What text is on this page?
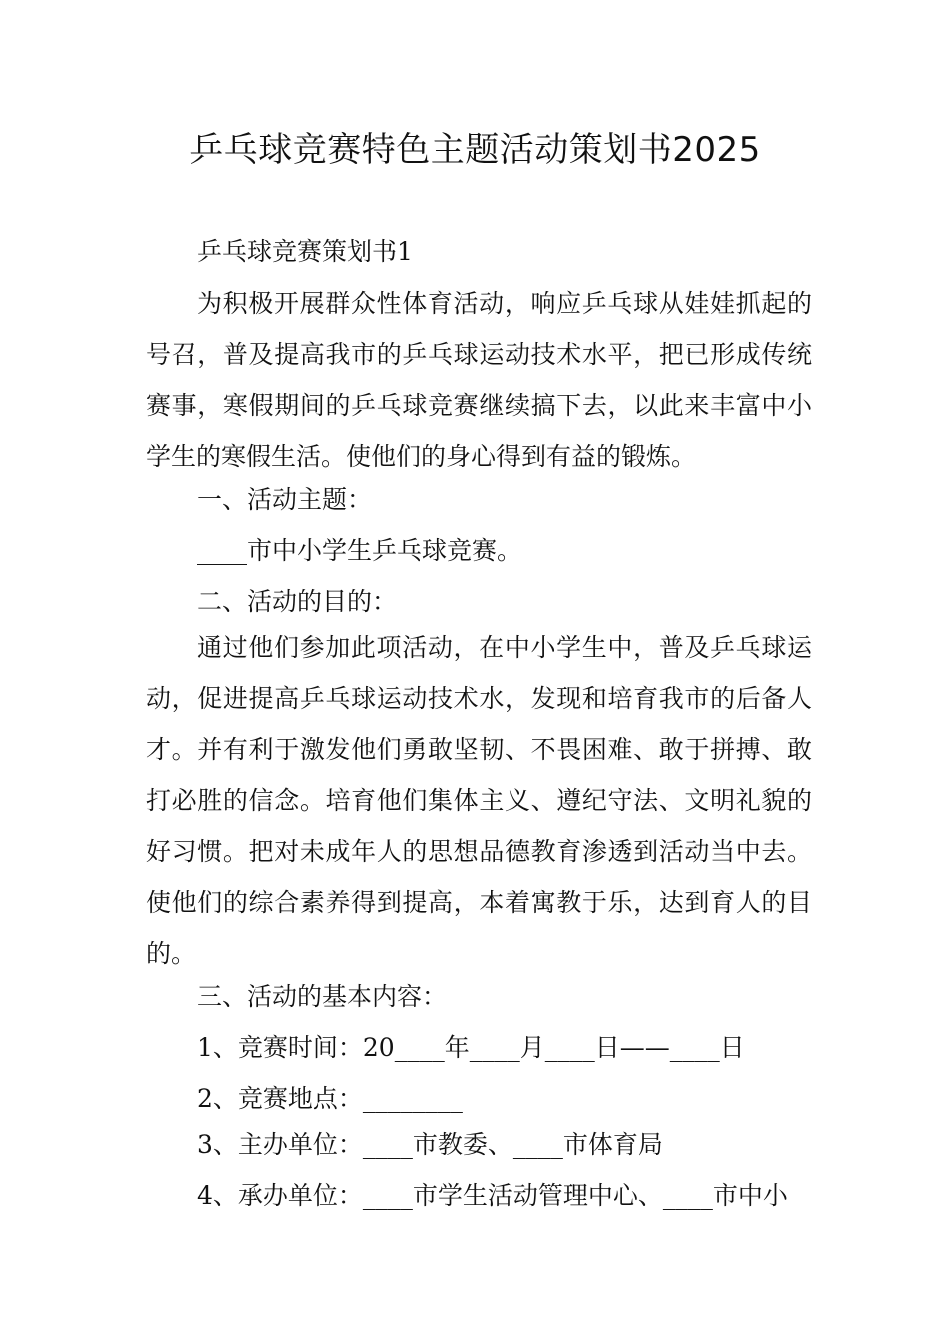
乒乓球竞赛特色主题活动策划书2025
乒乓球竞赛策划书1
为积极开展群众性体育活动，响应乒乓球从娃娃抓起的号召，普及提高我市的乒乓球运动技术水平，把已形成传统赛事，寒假期间的乒乓球竞赛继续搞下去，以此来丰富中小学生的寒假生活。使他们的身心得到有益的锻炼。
一、活动主题：
____市中小学生乒乓球竞赛。
二、活动的目的：
通过他们参加此项活动，在中小学生中，普及乒乓球运动，促进提高乒乓球运动技术水，发现和培育我市的后备人才。并有利于激发他们勇敢坚韧、不畏困难、敢于拼搏、敢打必胜的信念。培育他们集体主义、遵纪守法、文明礼貌的好习惯。把对未成年人的思想品德教育渗透到活动当中去。使他们的综合素养得到提高，本着寓教于乐，达到育人的目的。
三、活动的基本内容：
1、竞赛时间：20____年____月____日——____日
2、竞赛地点：________
3、主办单位：____市教委、____市体育局
4、承办单位：____市学生活动管理中心、____市中小
